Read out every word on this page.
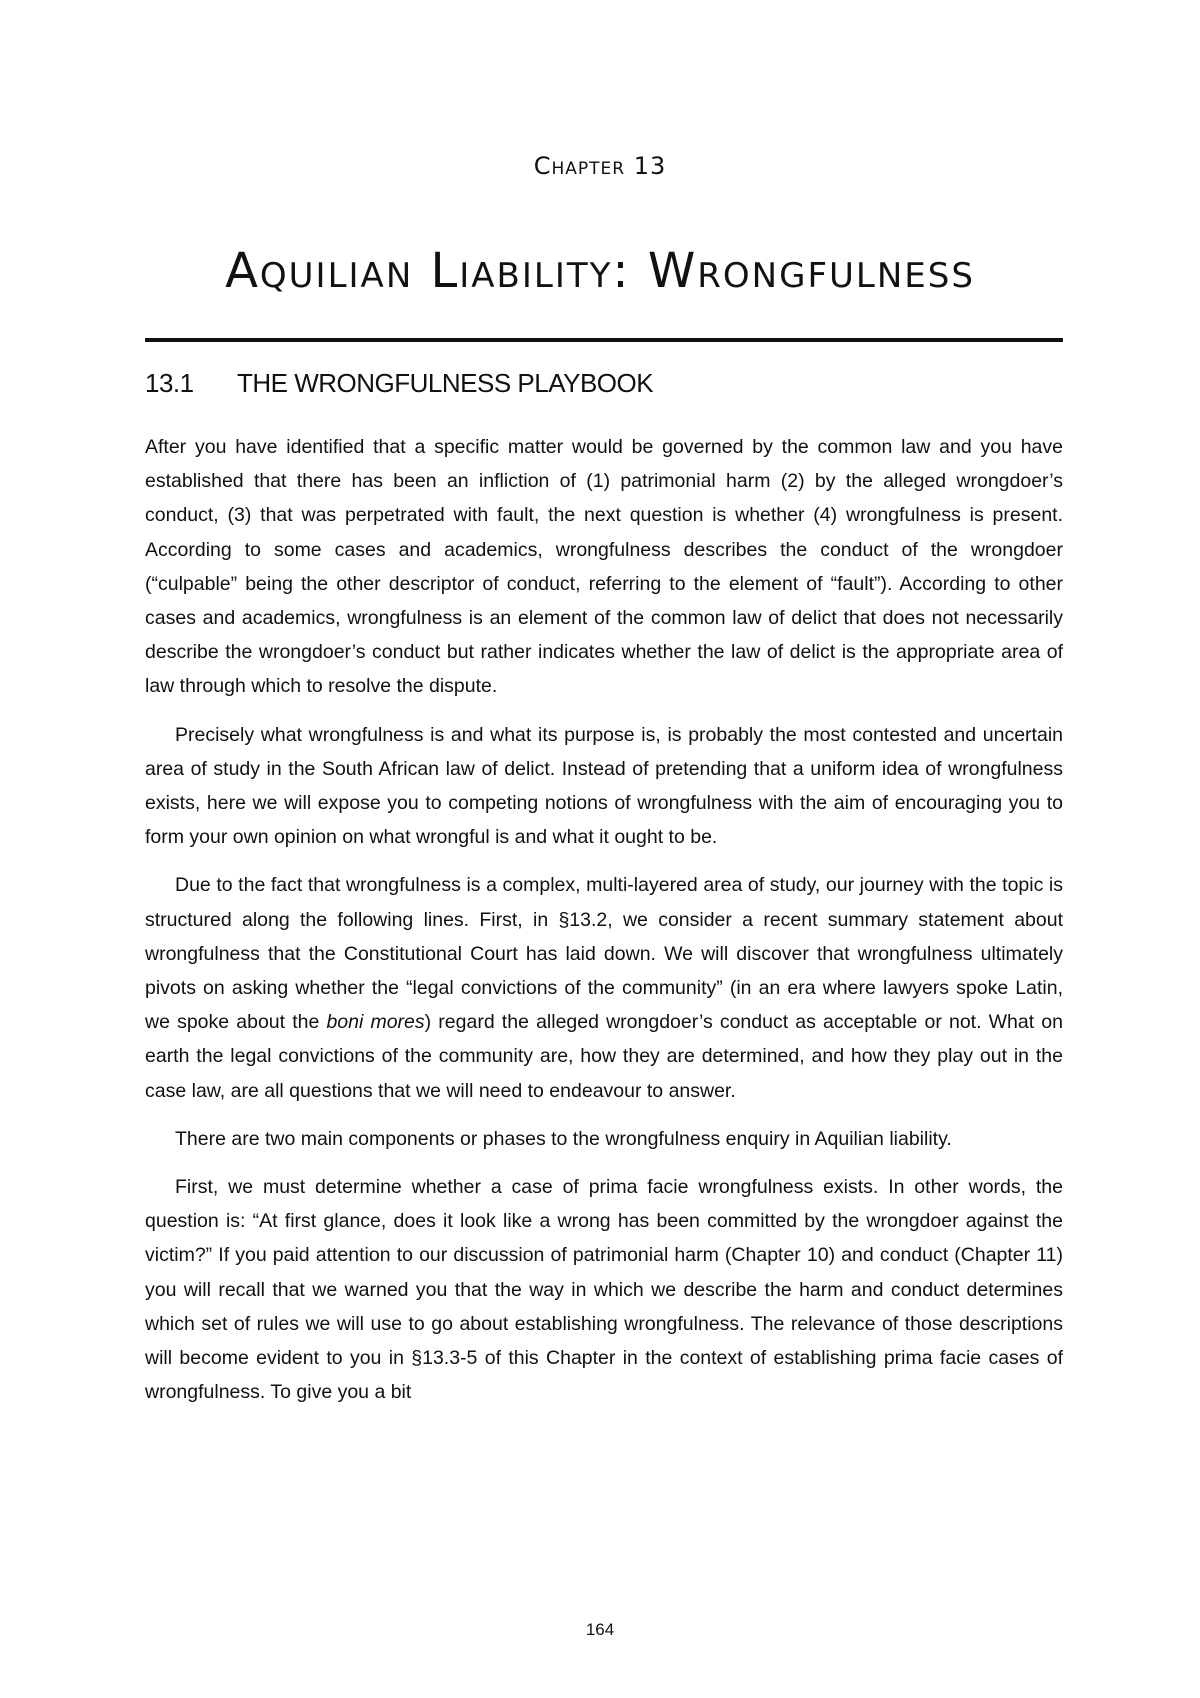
Chapter 13
Aquilian Liability: Wrongfulness
13.1 THE WRONGFULNESS PLAYBOOK

After you have identified that a specific matter would be governed by the common law and you have established that there has been an infliction of (1) patrimonial harm (2) by the alleged wrongdoer’s conduct, (3) that was perpetrated with fault, the next question is whether (4) wrongfulness is present. According to some cases and academics, wrongfulness describes the conduct of the wrongdoer (“culpable” being the other descriptor of conduct, referring to the element of “fault”). According to other cases and academics, wrongfulness is an element of the common law of delict that does not necessarily describe the wrongdoer’s conduct but rather indicates whether the law of delict is the appropriate area of law through which to resolve the dispute.

Precisely what wrongfulness is and what its purpose is, is probably the most contested and uncertain area of study in the South African law of delict. Instead of pretending that a uniform idea of wrongfulness exists, here we will expose you to competing notions of wrongfulness with the aim of encouraging you to form your own opinion on what wrongful is and what it ought to be.

Due to the fact that wrongfulness is a complex, multi-layered area of study, our journey with the topic is structured along the following lines. First, in §13.2, we consider a recent summary statement about wrongfulness that the Constitutional Court has laid down. We will discover that wrongfulness ultimately pivots on asking whether the “legal convictions of the community” (in an era where lawyers spoke Latin, we spoke about the boni mores) regard the alleged wrongdoer’s conduct as acceptable or not. What on earth the legal convictions of the community are, how they are determined, and how they play out in the case law, are all questions that we will need to endeavour to answer.

There are two main components or phases to the wrongfulness enquiry in Aquilian liability.

First, we must determine whether a case of prima facie wrongfulness exists. In other words, the question is: “At first glance, does it look like a wrong has been committed by the wrongdoer against the victim?” If you paid attention to our discussion of patrimonial harm (Chapter 10) and conduct (Chapter 11) you will recall that we warned you that the way in which we describe the harm and conduct determines which set of rules we will use to go about establishing wrongfulness. The relevance of those descriptions will become evident to you in §13.3-5 of this Chapter in the context of establishing prima facie cases of wrongfulness. To give you a bit

164
